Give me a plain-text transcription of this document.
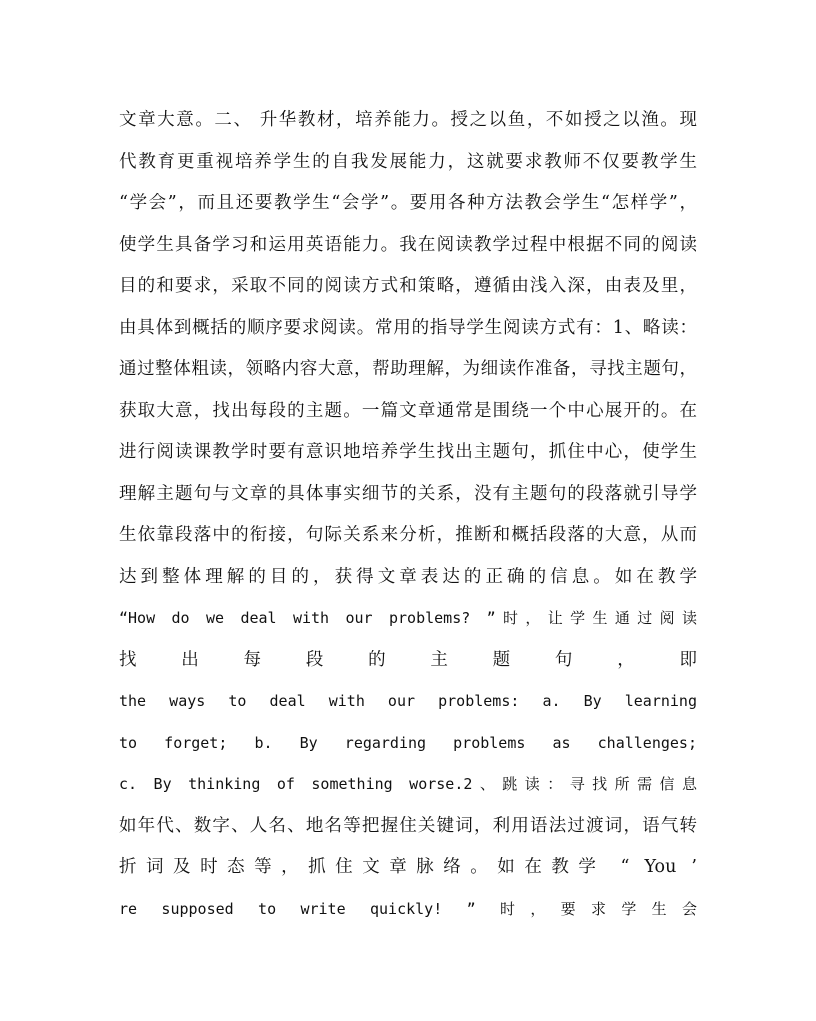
文章大意。二、 升华教材，培养能力。授之以鱼，不如授之以渔。现
代教育更重视培养学生的自我发展能力，这就要求教师不仅要教学生
“学会”，而且还要教学生“会学”。要用各种方法教会学生“怎样学”，
使学生具备学习和运用英语能力。我在阅读教学过程中根据不同的阅读
目的和要求，采取不同的阅读方式和策略，遵循由浅入深，由表及里，
由具体到概括的顺序要求阅读。常用的指导学生阅读方式有：1、略读：
通过整体粗读，领略内容大意，帮助理解，为细读作准备，寻找主题句，
获取大意，找出每段的主题。一篇文章通常是围绕一个中心展开的。在
进行阅读课教学时要有意识地培养学生找出主题句，抓住中心，使学生
理解主题句与文章的具体事实细节的关系，没有主题句的段落就引导学
生依靠段落中的衔接，句际关系来分析，推断和概括段落的大意，从而
达到整体理解的目的，获得文章表达的正确的信息。如在教学
“How do we deal with our problems? ”时，让学生通过阅读
找 出 每 段 的 主 题 句 ， 即
the ways to deal with our problems: a. By learning
to forget; b. By regarding problems as challenges;
c. By thinking of something worse.2、跳读：寻找所需信息
如年代、数字、人名、地名等把握住关键词，利用语法过渡词，语气转
折词及时态等，抓住文章脉络。如在教学 “ You ’
re supposed to write quickly! ” 时，要求学生会
